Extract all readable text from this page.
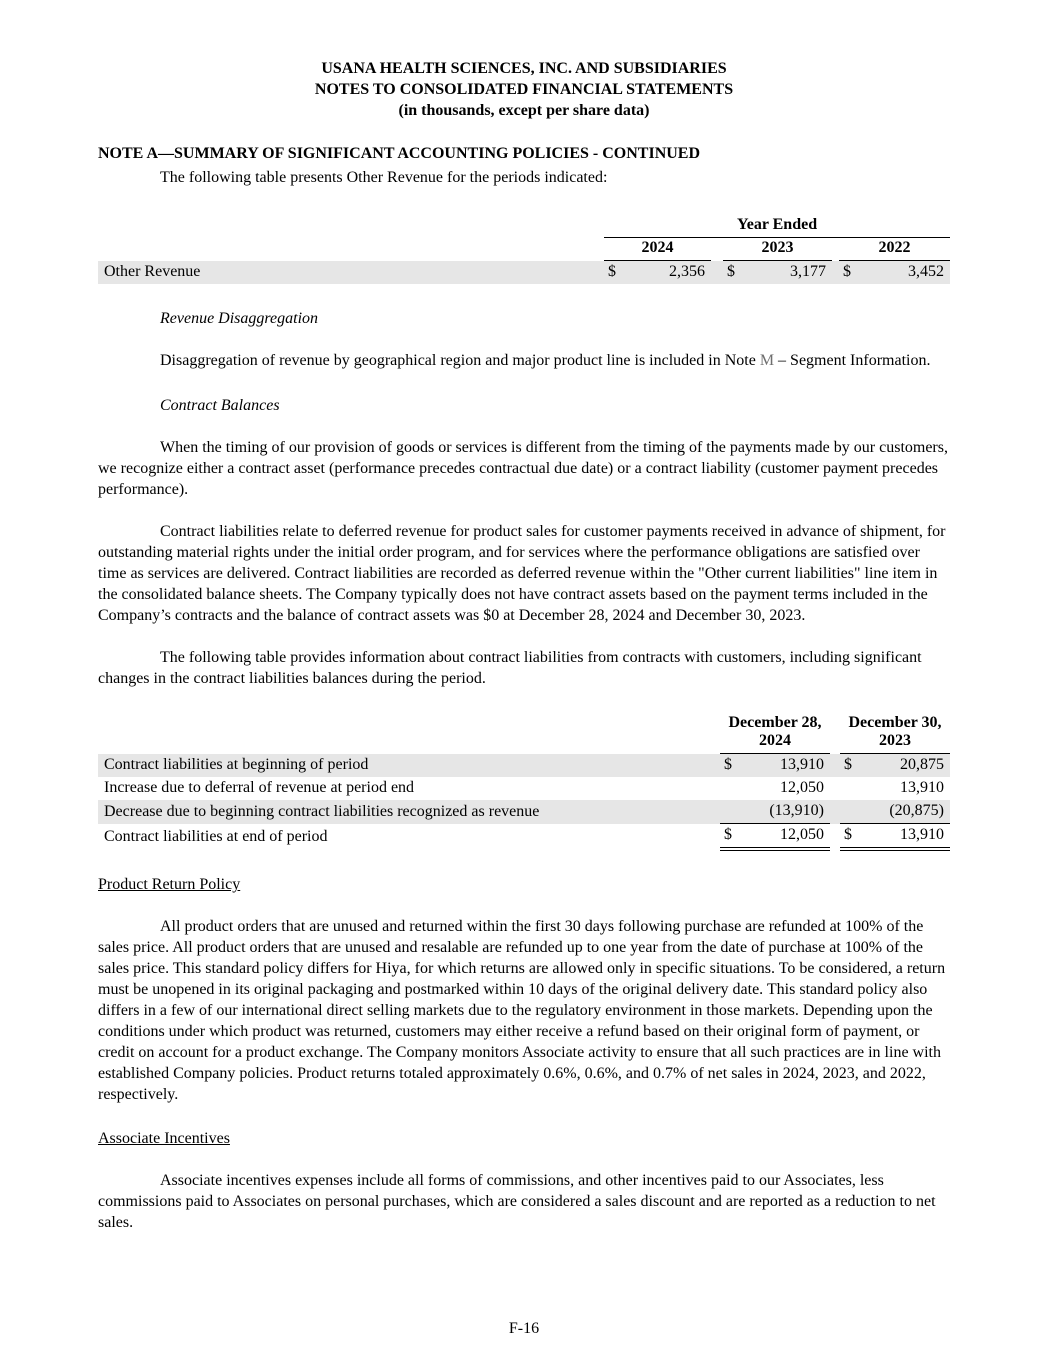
USANA HEALTH SCIENCES, INC. AND SUBSIDIARIES
NOTES TO CONSOLIDATED FINANCIAL STATEMENTS
(in thousands, except per share data)
NOTE A—SUMMARY OF SIGNIFICANT ACCOUNTING POLICIES - CONTINUED
The following table presents Other Revenue for the periods indicated:
	Year Ended							
	2024			2023			2022	
Other Revenue	$	2,356		$	3,177		$	3,452
Revenue Disaggregation

Disaggregation of revenue by geographical region and major product line is included in Note M – Segment Information.

Contract Balances

When the timing of our provision of goods or services is different from the timing of the payments made by our customers, we recognize either a contract asset (performance precedes contractual due date) or a contract liability (customer payment precedes performance).

Contract liabilities relate to deferred revenue for product sales for customer payments received in advance of shipment, for outstanding material rights under the initial order program, and for services where the performance obligations are satisfied over time as services are delivered. Contract liabilities are recorded as deferred revenue within the "Other current liabilities" line item in the consolidated balance sheets. The Company typically does not have contract assets based on the payment terms included in the Company’s contracts and the balance of contract assets was $0 at December 28, 2024 and December 30, 2023.

The following table provides information about contract liabilities from contracts with customers, including significant changes in the contract liabilities balances during the period.

	December 28, 2024			December 30, 2023	
Contract liabilities at beginning of period	$	13,910		$	20,875
Increase due to deferral of revenue at period end		12,050			13,910
Decrease due to beginning contract liabilities recognized as revenue		(13,910)			(20,875)
Contract liabilities at end of period	$	12,050		$	13,910
Product Return Policy

All product orders that are unused and returned within the first 30 days following purchase are refunded at 100% of the sales price. All product orders that are unused and resalable are refunded up to one year from the date of purchase at 100% of the sales price. This standard policy differs for Hiya, for which returns are allowed only in specific situations. To be considered, a return must be unopened in its original packaging and postmarked within 10 days of the original delivery date. This standard policy also differs in a few of our international direct selling markets due to the regulatory environment in those markets. Depending upon the conditions under which product was returned, customers may either receive a refund based on their original form of payment, or credit on account for a product exchange. The Company monitors Associate activity to ensure that all such practices are in line with established Company policies. Product returns totaled approximately 0.6%, 0.6%, and 0.7% of net sales in 2024, 2023, and 2022, respectively.

Associate Incentives

Associate incentives expenses include all forms of commissions, and other incentives paid to our Associates, less commissions paid to Associates on personal purchases, which are considered a sales discount and are reported as a reduction to net sales.

F-16
